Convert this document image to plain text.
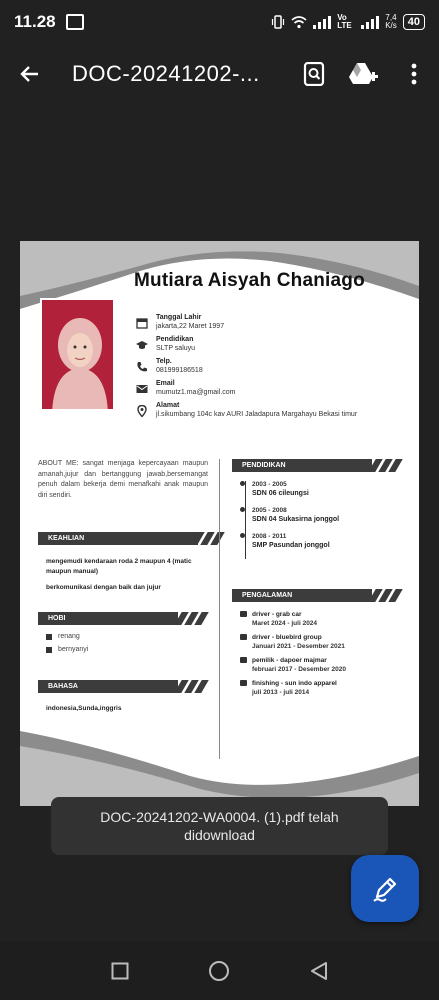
11.28	Vo LTE
7,4
K/s	40
DOC-20241202-...
Mutiara Aisyah Chaniago
Tanggal Lahir
jakarta,22 Maret 1997
Pendidikan
SLTP saluyu
Telp.
081999186518
Email
mumutz1.ma@gmail.com
Alamat
jl.sikumbang 104c kav AURI Jaladapura Margahayu Bekasi timur
ABOUT ME: sangat menjaga kepercayaan maupun amanah,jujur dan bertanggung jawab,bersemangat penuh dalam bekerja demi menafkahi anak maupun diri sendiri.
KEAHLIAN
mengemudi kendaraan roda 2 maupun 4 (matic maupun manual)
berkomunikasi dengan baik dan jujur
HOBI
renang
bernyanyi
BAHASA
indonesia,Sunda,inggris
PENDIDIKAN
2003 - 2005
SDN 06 cileungsi
2005 - 2008
SDN 04 Sukasirna jonggol
2008 - 2011
SMP Pasundan jonggol
PENGALAMAN
driver - grab car
Maret 2024 - juli 2024
driver - bluebird group
Januari 2021 - Desember 2021
pemilik - dapoer majmar
februari 2017 - Desember 2020
finishing - sun indo apparel
juli 2013 - juli 2014
DOC-20241202-WA0004. (1).pdf telah didownload
